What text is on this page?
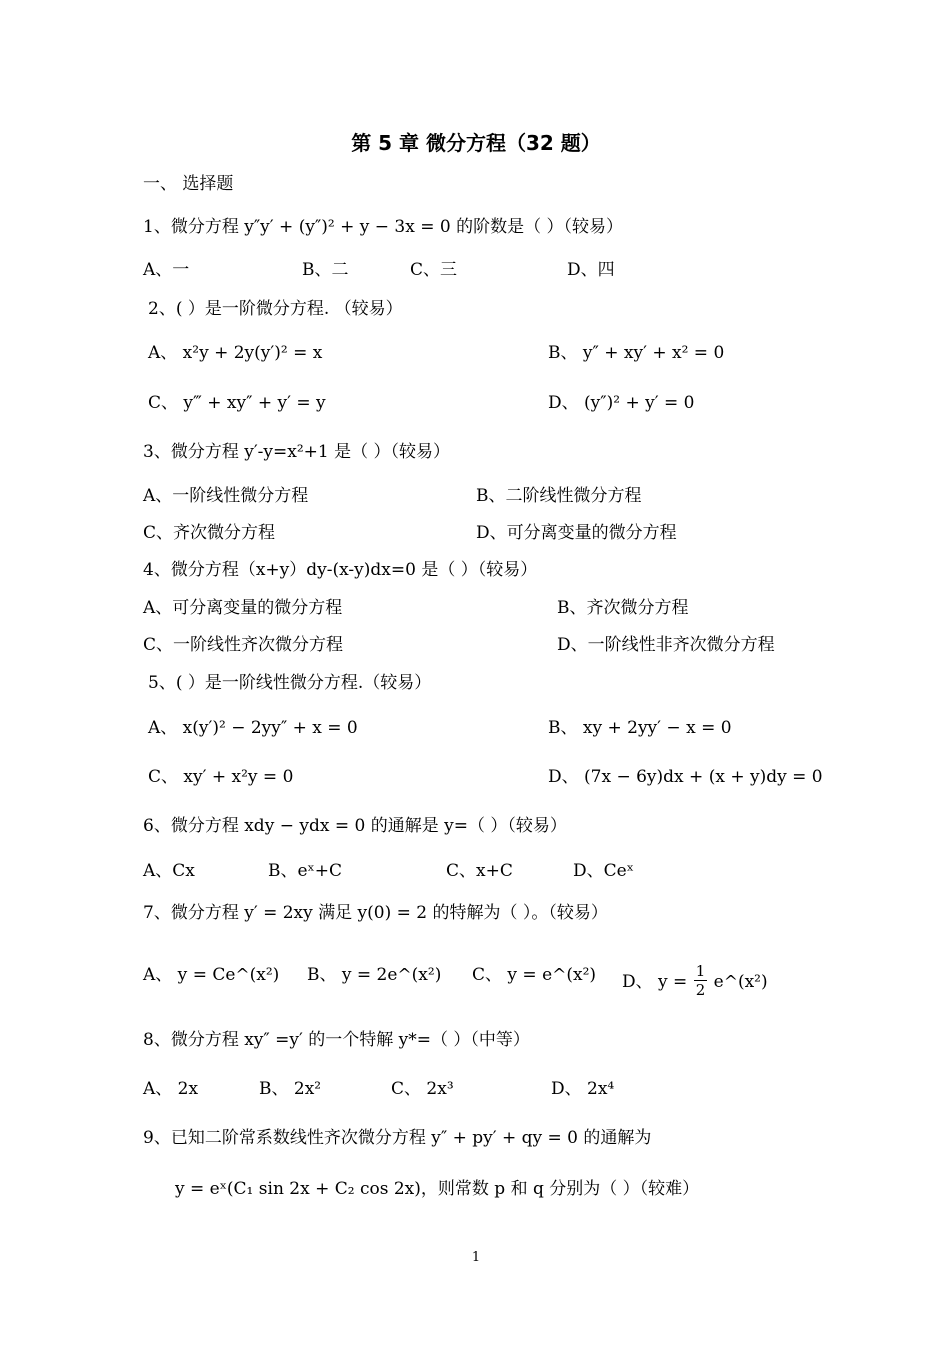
第 5 章 微分方程（32 题）
一、 选择题
1、微分方程 y″y′ + (y″)² + y − 3x = 0 的阶数是（ ）（较易）
A、一	B、二	C、三	D、四
2、( ）是一阶微分方程. （较易）
A、 x²y + 2y(y′)² = x	B、 y″ + xy′ + x² = 0
C、 y‴ + xy″ + y′ = y	D、 (y″)² + y′ = 0
3、微分方程 y′-y=x²+1 是（ ）（较易）
A、一阶线性微分方程	B、二阶线性微分方程
C、齐次微分方程	D、可分离变量的微分方程
4、微分方程（x+y）dy-(x-y)dx=0 是（ ）（较易）
A、可分离变量的微分方程	B、齐次微分方程
C、一阶线性齐次微分方程	D、一阶线性非齐次微分方程
5、( ）是一阶线性微分方程.（较易）
A、 x(y′)² − 2yy″ + x = 0	B、 xy + 2yy′ − x = 0
C、 xy′ + x²y = 0	D、 (7x − 6y)dx + (x + y)dy = 0
6、微分方程 xdy − ydx = 0 的通解是 y=（ ）（较易）
A、Cx	B、eˣ+C	C、x+C	D、Ceˣ
7、微分方程 y′ = 2xy 满足 y(0) = 2 的特解为（ ）。（较易）
A、 y = Ce^(x²) B、 y = 2e^(x²) C、 y = e^(x²) D、 $y = \frac{1}{2}$ e^(x²)
8、微分方程 xy″ =y′ 的一个特解 y*=（ ）（中等）
A、 2x	B、 2x²	C、 2x³	D、 2x⁴
9、已知二阶常系数线性齐次微分方程 y″ + py′ + qy = 0 的通解为
y = eˣ(C₁ sin 2x + C₂ cos 2x)，则常数 p 和 q 分别为（ ）（较难）
1
